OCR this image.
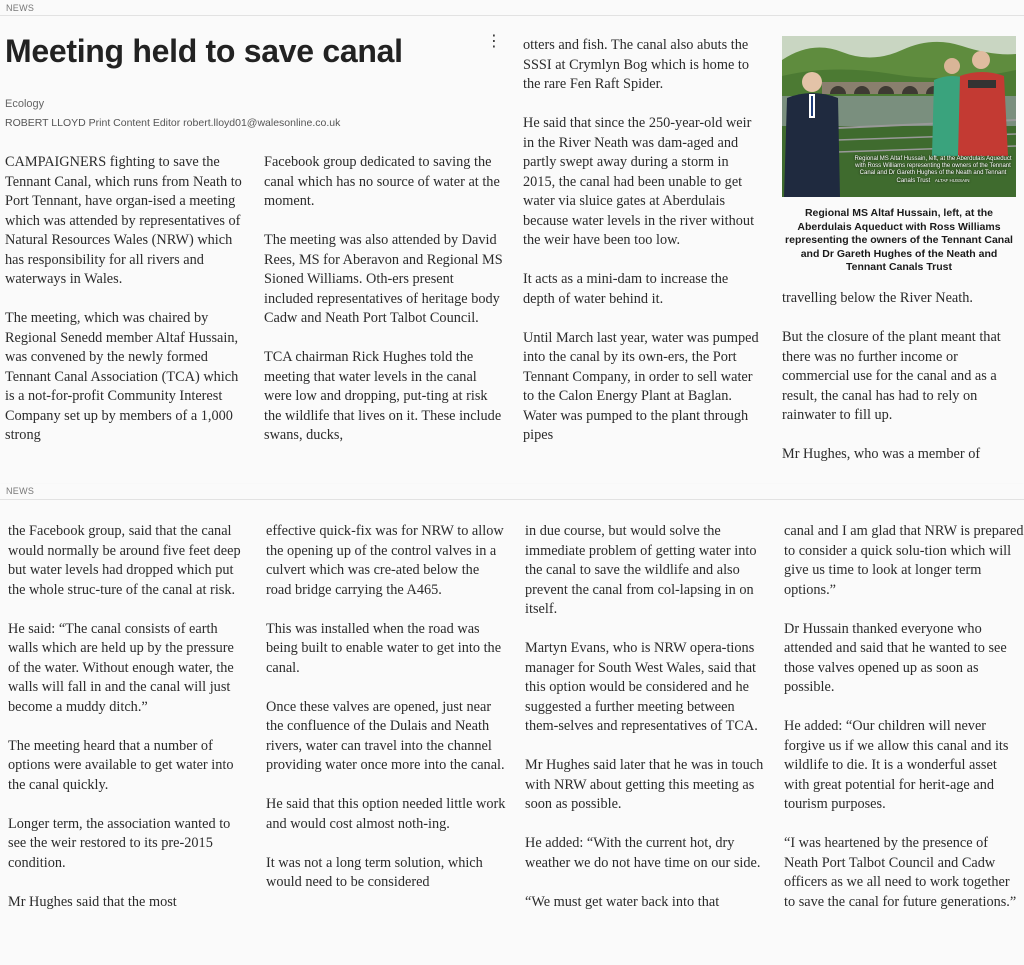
NEWS
Meeting held to save canal	⋮
Ecology
ROBERT LLOYD Print Content Editor robert.lloyd01@walesonline.co.uk

CAMPAIGNERS fighting to save the Tennant Canal, which runs from Neath to Port Tennant, have organ-ised a meeting which was attended by representatives of Natural Resources Wales (NRW) which has responsibility for all rivers and waterways in Wales.

The meeting, which was chaired by Regional Senedd member Altaf Hussain, was convened by the newly formed Tennant Canal Association (TCA) which is a not-for-profit Community Interest Company set up by members of a 1,000 strong

Facebook group dedicated to saving the canal which has no source of water at the moment.

The meeting was also attended by David Rees, MS for Aberavon and Regional MS Sioned Williams. Oth-ers present included representatives of heritage body Cadw and Neath Port Talbot Council.

TCA chairman Rick Hughes told the meeting that water levels in the canal were low and dropping, put-ting at risk the wildlife that lives on it. These include swans, ducks,

otters and fish. The canal also abuts the SSSI at Crymlyn Bog which is home to the rare Fen Raft Spider.

He said that since the 250-year-old weir in the River Neath was dam-aged and partly swept away during a storm in 2015, the canal had been unable to get water via sluice gates at Aberdulais because water levels in the river without the weir have been too low.

It acts as a mini-dam to increase the depth of water behind it.

Until March last year, water was pumped into the canal by its own-ers, the Port Tennant Company, in order to sell water to the Calon Energy Plant at Baglan. Water was pumped to the plant through pipes

Regional MS Altaf Hussain, left, at the Aberdulais Aqueduct with Ross Williams representing the owners of the Tennant Canal and Dr Gareth Hughes of the Neath and Tennant Canals Trust ALTAF HUSSAIN

Regional MS Altaf Hussain, left, at the Aberdulais Aqueduct with Ross Williams representing the owners of the Tennant Canal and Dr Gareth Hughes of the Neath and Tennant Canals Trust

travelling below the River Neath.

But the closure of the plant meant that there was no further income or commercial use for the canal and as a result, the canal has had to rely on rainwater to fill up.

Mr Hughes, who was a member of

NEWS

the Facebook group, said that the canal would normally be around five feet deep but water levels had dropped which put the whole struc-ture of the canal at risk.

He said: “The canal consists of earth walls which are held up by the pressure of the water. Without enough water, the walls will fall in and the canal will just become a muddy ditch.”

The meeting heard that a number of options were available to get water into the canal quickly.

Longer term, the association wanted to see the weir restored to its pre-2015 condition.

Mr Hughes said that the most

effective quick-fix was for NRW to allow the opening up of the control valves in a culvert which was cre-ated below the road bridge carrying the A465.

This was installed when the road was being built to enable water to get into the canal.

Once these valves are opened, just near the confluence of the Dulais and Neath rivers, water can travel into the channel providing water once more into the canal.

He said that this option needed little work and would cost almost noth-ing.

It was not a long term solution, which would need to be considered

in due course, but would solve the immediate problem of getting water into the canal to save the wildlife and also prevent the canal from col-lapsing in on itself.

Martyn Evans, who is NRW opera-tions manager for South West Wales, said that this option would be considered and he suggested a further meeting between them-selves and representatives of TCA.

Mr Hughes said later that he was in touch with NRW about getting this meeting as soon as possible.

He added: “With the current hot, dry weather we do not have time on our side.

“We must get water back into that

canal and I am glad that NRW is prepared to consider a quick solu-tion which will give us time to look at longer term options.”

Dr Hussain thanked everyone who attended and said that he wanted to see those valves opened up as soon as possible.

He added: “Our children will never forgive us if we allow this canal and its wildlife to die. It is a wonderful asset with great potential for herit-age and tourism purposes.

“I was heartened by the presence of Neath Port Talbot Council and Cadw officers as we all need to work together to save the canal for future generations.”
